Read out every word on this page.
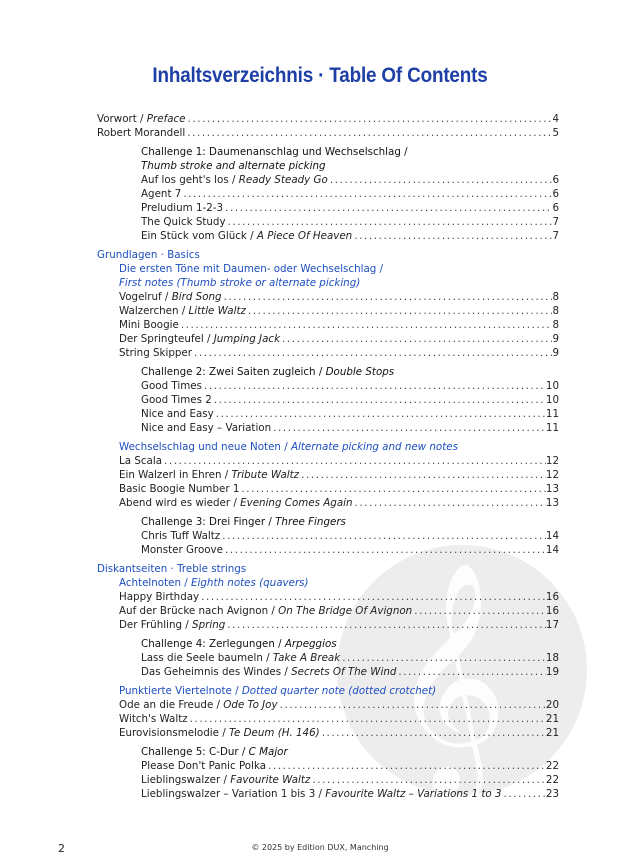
𝄞
Inhaltsverzeichnis · Table Of Contents
Vorwort / Preface .....	4
Robert Morandell .....	5
Challenge 1: Daumenanschlag und Wechselschlag /
Thumb stroke and alternate picking
Auf los geht's los / Ready Steady Go .....	6
Agent 7 .....	6
Preludium 1-2-3 .....	6
The Quick Study .....	7
Ein Stück vom Glück / A Piece Of Heaven .....	7
Grundlagen · Basics
Die ersten Töne mit Daumen- oder Wechselschlag /
First notes (Thumb stroke or alternate picking)
Vogelruf / Bird Song .....	8
Walzerchen / Little Waltz .....	8
Mini Boogie .....	8
Der Springteufel / Jumping Jack .....	9
String Skipper .....	9
Challenge 2: Zwei Saiten zugleich / Double Stops
Good Times .....	10
Good Times 2 .....	10
Nice and Easy .....	11
Nice and Easy – Variation .....	11
Wechselschlag und neue Noten / Alternate picking and new notes
La Scala .....	12
Ein Walzerl in Ehren / Tribute Waltz .....	12
Basic Boogie Number 1 .....	13
Abend wird es wieder / Evening Comes Again .....	13
Challenge 3: Drei Finger / Three Fingers
Chris Tuff Waltz .....	14
Monster Groove .....	14
Diskantseiten · Treble strings
Achtelnoten / Eighth notes (quavers)
Happy Birthday .....	16
Auf der Brücke nach Avignon / On The Bridge Of Avignon .....	16
Der Frühling / Spring .....	17
Challenge 4: Zerlegungen / Arpeggios
Lass die Seele baumeln / Take A Break .....	18
Das Geheimnis des Windes / Secrets Of The Wind .....	19
Punktierte Viertelnote / Dotted quarter note (dotted crotchet)
Ode an die Freude / Ode To Joy .....	20
Witch's Waltz .....	21
Eurovisionsmelodie / Te Deum (H. 146) .....	21
Challenge 5: C-Dur / C Major
Please Don't Panic Polka .....	22
Lieblingswalzer / Favourite Waltz .....	22
Lieblingswalzer – Variation 1 bis 3 / Favourite Waltz – Variations 1 to 3 .....	23
2	© 2025 by Edition DUX, Manching
